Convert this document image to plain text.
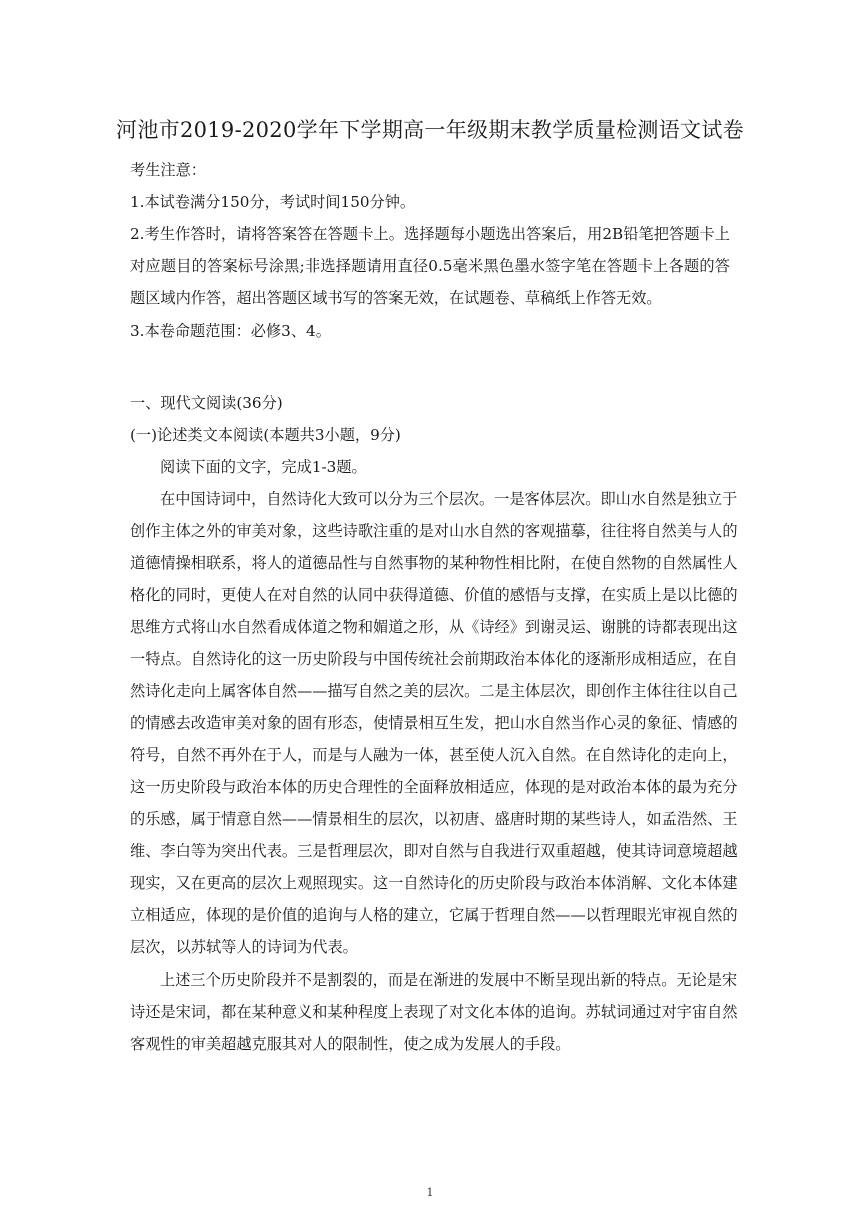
河池市2019-2020学年下学期高一年级期末教学质量检测语文试卷
考生注意：
1.本试卷满分150分，考试时间150分钟。
2.考生作答时，请将答案答在答题卡上。选择题每小题选出答案后，用2B铅笔把答题卡上
对应题目的答案标号涂黑;非选择题请用直径0.5毫米黑色墨水签字笔在答题卡上各题的答
题区域内作答，超出答题区域书写的答案无效，在试题卷、草稿纸上作答无效。
3.本卷命题范围：必修3、4。
一、现代文阅读(36分)
(一)论述类文本阅读(本题共3小题，9分)
阅读下面的文字，完成1-3题。
在中国诗词中，自然诗化大致可以分为三个层次。一是客体层次。即山水自然是独立于
创作主体之外的审美对象，这些诗歌注重的是对山水自然的客观描摹，往往将自然美与人的
道德情操相联系，将人的道德品性与自然事物的某种物性相比附，在使自然物的自然属性人
格化的同时，更使人在对自然的认同中获得道德、价值的感悟与支撑，在实质上是以比德的
思维方式将山水自然看成体道之物和媚道之形，从《诗经》到谢灵运、谢朓的诗都表现出这
一特点。自然诗化的这一历史阶段与中国传统社会前期政治本体化的逐渐形成相适应，在自
然诗化走向上属客体自然——描写自然之美的层次。二是主体层次，即创作主体往往以自己
的情感去改造审美对象的固有形态，使情景相互生发，把山水自然当作心灵的象征、情感的
符号，自然不再外在于人，而是与人融为一体，甚至使人沉入自然。在自然诗化的走向上，
这一历史阶段与政治本体的历史合理性的全面释放相适应，体现的是对政治本体的最为充分
的乐感，属于情意自然——情景相生的层次，以初唐、盛唐时期的某些诗人，如孟浩然、王
维、李白等为突出代表。三是哲理层次，即对自然与自我进行双重超越，使其诗词意境超越
现实，又在更高的层次上观照现实。这一自然诗化的历史阶段与政治本体消解、文化本体建
立相适应，体现的是价值的追询与人格的建立，它属于哲理自然——以哲理眼光审视自然的
层次，以苏轼等人的诗词为代表。
上述三个历史阶段并不是割裂的，而是在渐进的发展中不断呈现出新的特点。无论是宋
诗还是宋词，都在某种意义和某种程度上表现了对文化本体的追询。苏轼词通过对宇宙自然
客观性的审美超越克服其对人的限制性，使之成为发展人的手段。
1
